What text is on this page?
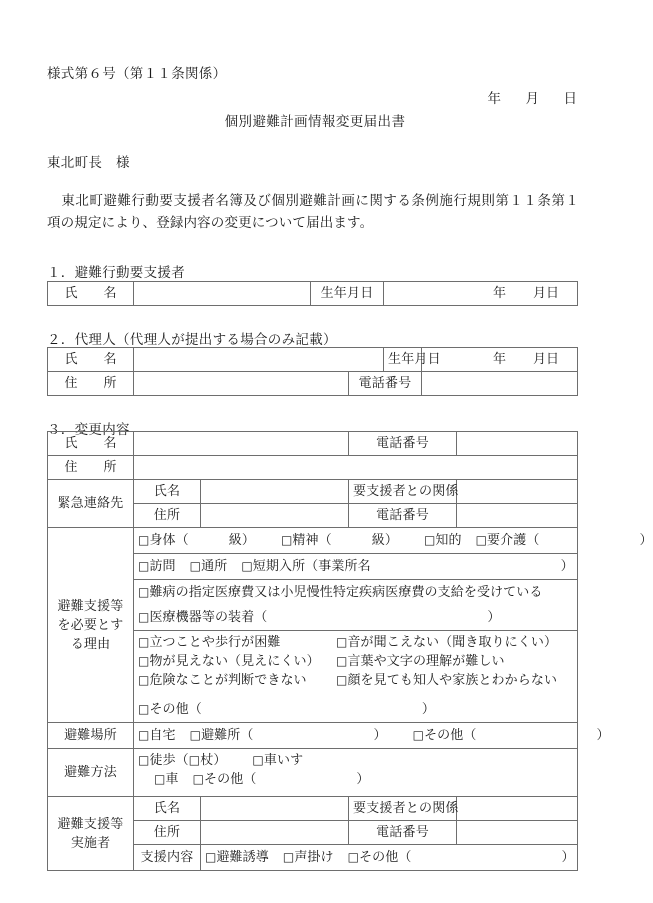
様式第６号（第１１条関係）
年 月 日
個別避難計画情報変更届出書
東北町長　様
東北町避難行動要支援者名簿及び個別避難計画に関する条例施行規則第１１条第１項の規定により、登録内容の変更について届出ます。
１．避難行動要支援者
氏　　名		生年月日	年 月日
２．代理人（代理人が提出する場合のみ記載）
氏　　名			生年月日	年 月日
住　　所		電話番号		
３．変更内容
氏　　名			電話番号	
住　　所				
緊急連絡先	氏名		要支援者との関係	
	住所		電話番号	
避難支援等
を必要とす
る理由	□身体（ 級） □精神（ 級） □知的 □要介護（ ）			
	□訪問 □通所 □短期入所（事業所名 ）			
	□難病の指定医療費又は小児慢性特定疾病医療費の支給を受けている			
	□医療機器等の装着（ ）			

	□立つことや歩行が困難 □音が聞こえない（聞き取りにくい）
□物が見えない（見えにくい） □言葉や文字の理解が難しい
□危険なことが判断できない □顔を見ても知人や家族とわからない			

	□その他（ ）			
避難場所	□自宅 □避難所（ ） □その他（ ）			
避難方法	□徒歩（□杖） □車いす
□車 □その他（ ）			

避難支援等
実施者	氏名		要支援者との関係	
	住所		電話番号	
	支援内容	□避難誘導 □声掛け □その他（ ）		
